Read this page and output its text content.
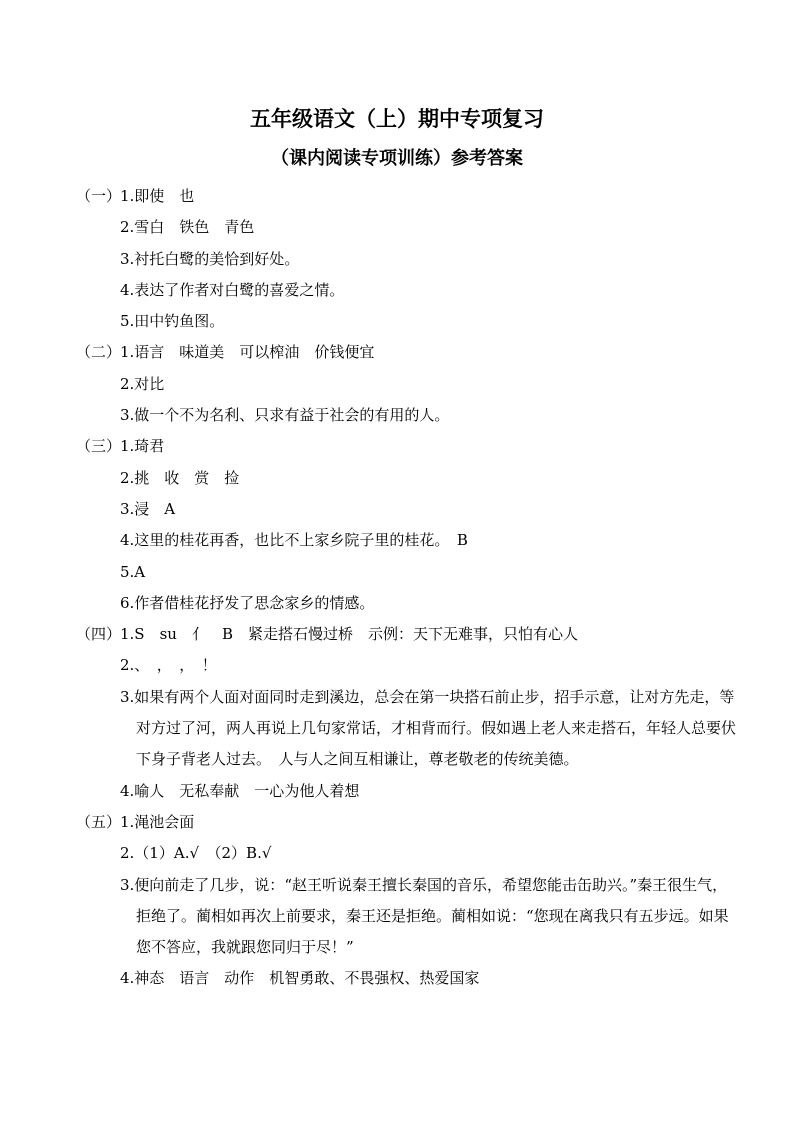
五年级语文（上）期中专项复习
（课内阅读专项训练）参考答案
（一）
1.即使　也
2.雪白　铁色　青色
3.衬托白鹭的美恰到好处。
4.表达了作者对白鹭的喜爱之情。
5.田中钓鱼图。
（二）
1.语言　味道美　可以榨油　价钱便宜
2.对比
3.做一个不为名利、只求有益于社会的有用的人。
（三）
1.琦君
2.挑　收　赏　捡
3.浸　A
4.这里的桂花再香，也比不上家乡院子里的桂花。　B
5.A
6.作者借桂花抒发了思念家乡的情感。
（四）
1.S　su　亻　B　紧走搭石慢过桥　示例：天下无难事，只怕有心人
2.、　，　，　！
3.如果有两个人面对面同时走到溪边，总会在第一块搭石前止步，招手示意，让对方先走，等对方过了河，两人再说上几句家常话，才相背而行。假如遇上老人来走搭石，年轻人总要伏下身子背老人过去。　人与人之间互相谦让，尊老敬老的传统美德。
4.喻人　无私奉献　一心为他人着想
（五）
1.渑池会面
2.（1）A.√　（2）B.√
3.便向前走了几步，说：“赵王听说秦王擅长秦国的音乐，希望您能击缶助兴。”秦王很生气，拒绝了。蔺相如再次上前要求，秦王还是拒绝。蔺相如说：“您现在离我只有五步远。如果您不答应，我就跟您同归于尽！”
4.神态　语言　动作　机智勇敢、不畏强权、热爱国家
